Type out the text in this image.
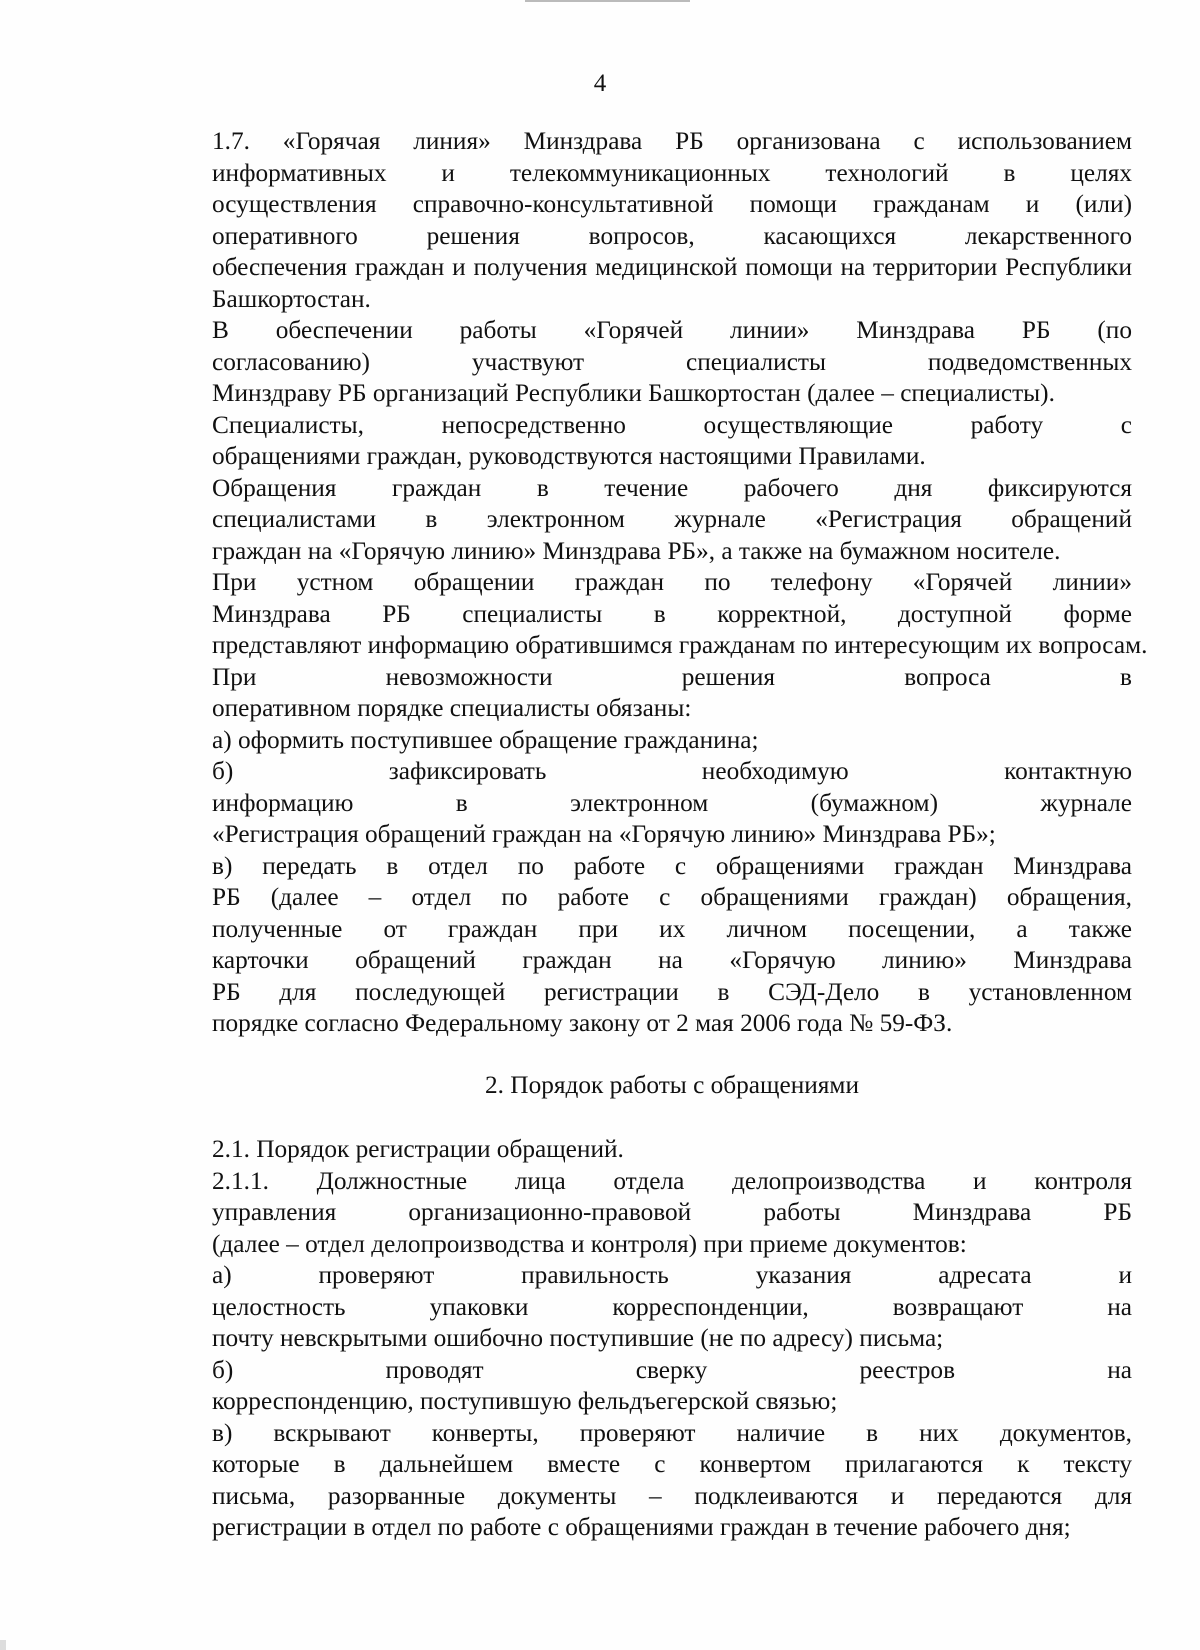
4

1.7. «Горячая линия» Минздрава РБ организована с использованием
информативных и телекоммуникационных технологий в целях
осуществления справочно-консультативной помощи гражданам и (или)
оперативного решения вопросов, касающихся лекарственного
обеспечения граждан и получения медицинской помощи на территории Республики
Башкортостан.

В обеспечении работы «Горячей линии» Минздрава РБ (по
согласованию) участвуют специалисты подведомственных
Минздраву РБ организаций Республики Башкортостан (далее – специалисты).

Специалисты, непосредственно осуществляющие работу с
обращениями граждан, руководствуются настоящими Правилами.

Обращения граждан в течение рабочего дня фиксируются
специалистами в электронном журнале «Регистрация обращений
граждан на «Горячую линию» Минздрава РБ», а также на бумажном носителе.

При устном обращении граждан по телефону «Горячей линии»
Минздрава РБ специалисты в корректной, доступной форме
представляют информацию обратившимся гражданам по интересующим их вопросам.

При невозможности решения вопроса в
оперативном порядке специалисты обязаны:

а) оформить поступившее обращение гражданина;

б) зафиксировать необходимую контактную
информацию в электронном (бумажном) журнале
«Регистрация обращений граждан на «Горячую линию» Минздрава РБ»;

в) передать в отдел по работе с обращениями граждан Минздрава
РБ (далее – отдел по работе с обращениями граждан) обращения,
полученные от граждан при их личном посещении, а также
карточки обращений граждан на «Горячую линию» Минздрава
РБ для последующей регистрации в СЭД-Дело в установленном
порядке согласно Федеральному закону от 2 мая 2006 года № 59-ФЗ.

2. Порядок работы с обращениями

2.1. Порядок регистрации обращений.

2.1.1. Должностные лица отдела делопроизводства и контроля
управления организационно-правовой работы Минздрава РБ
(далее – отдел делопроизводства и контроля) при приеме документов:

а) проверяют правильность указания адресата и
целостность упаковки корреспонденции, возвращают на
почту невскрытыми ошибочно поступившие (не по адресу) письма;

б) проводят сверку реестров на
корреспонденцию, поступившую фельдъегерской связью;

в) вскрывают конверты, проверяют наличие в них документов,
которые в дальнейшем вместе с конвертом прилагаются к тексту
письма, разорванные документы – подклеиваются и передаются для
регистрации в отдел по работе с обращениями граждан в течение рабочего дня;
